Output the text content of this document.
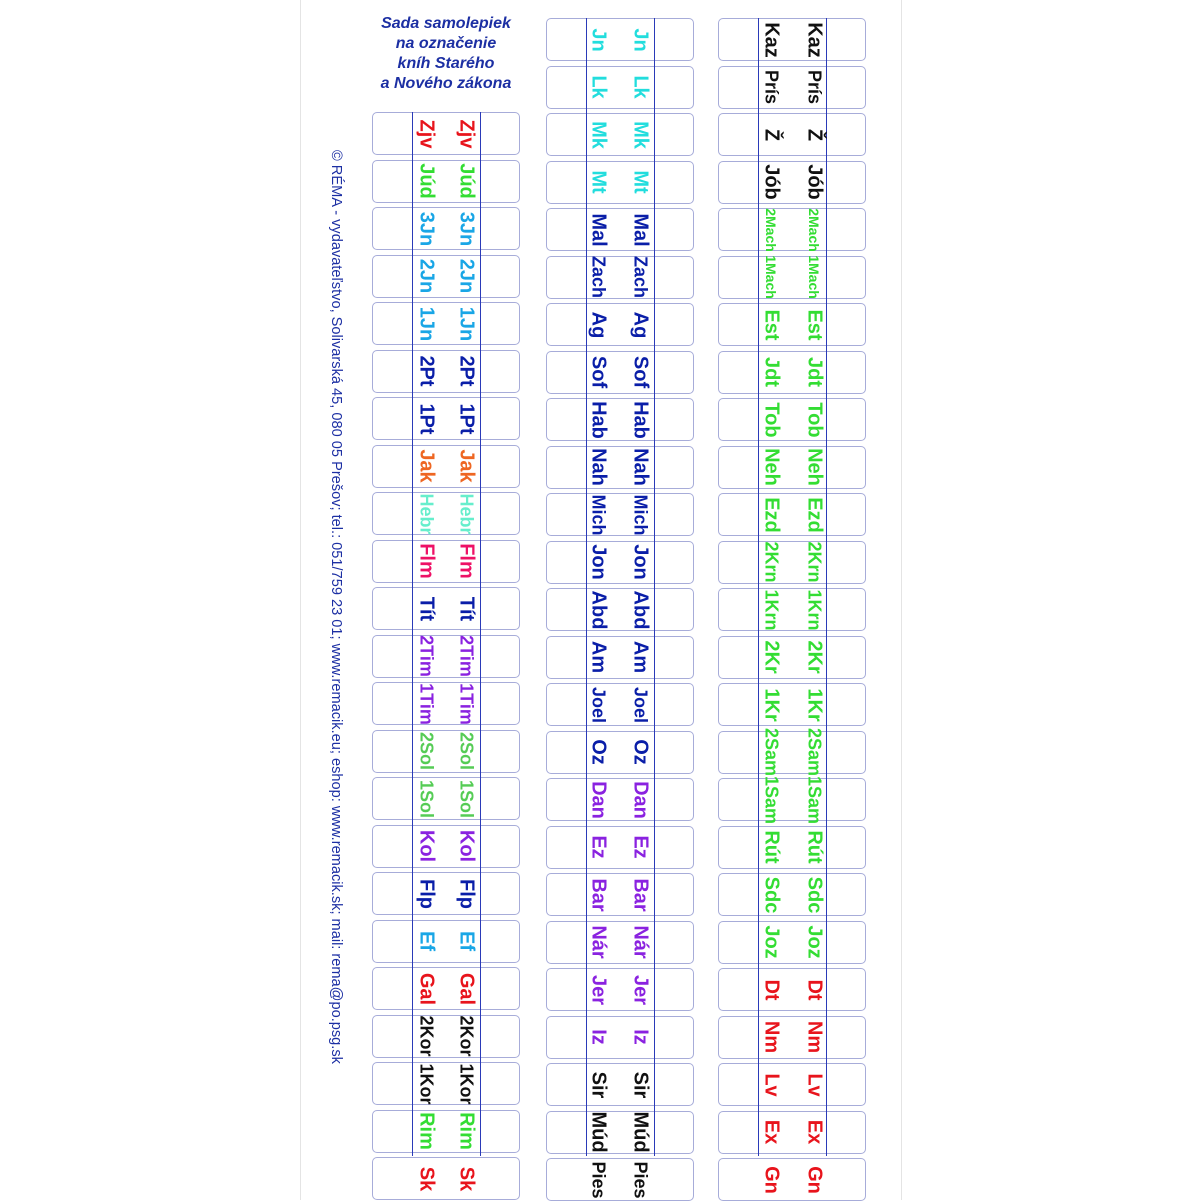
Sada samolepiek
na označenie
kníh Starého
a Nového zákona
© RÉMA - vydavateľstvo, Solivarská 45, 080 05 Prešov; tel.: 051/759 23 01; www.remacik.eu; eshop: www.remacik.sk; mail: rema@po.psg.sk
Zjv Zjv
Júd Júd
3Jn 3Jn
2Jn 2Jn
1Jn 1Jn
2Pt 2Pt
1Pt 1Pt
Jak Jak
Hebr Hebr
Flm Flm
Tít Tít
2Tim 2Tim
1Tim 1Tim
2Sol 2Sol
1Sol 1Sol
Kol Kol
Flp Flp
Ef Ef
Gal Gal
2Kor 2Kor
1Kor 1Kor
Rim Rim
Sk Sk
Jn Jn
Lk Lk
Mk Mk
Mt Mt
Mal Mal
Zach Zach
Ag Ag
Sof Sof
Hab Hab
Nah Nah
Mich Mich
Jon Jon
Abd Abd
Am Am
Joel Joel
Oz Oz
Dan Dan
Ez Ez
Bar Bar
Nár Nár
Jer Jer
Iz Iz
Sir Sir
Múd Múd
Pies Pies
Kaz Kaz
Prís Prís
Ž Ž
Jób Jób
2Mach 2Mach
1Mach 1Mach
Est Est
Jdt Jdt
Tob Tob
Neh Neh
Ezd Ezd
2Krn 2Krn
1Krn 1Krn
2Kr 2Kr
1Kr 1Kr
2Sam 2Sam
1Sam 1Sam
Rút Rút
Sdc Sdc
Joz Joz
Dt Dt
Nm Nm
Lv Lv
Ex Ex
Gn Gn
